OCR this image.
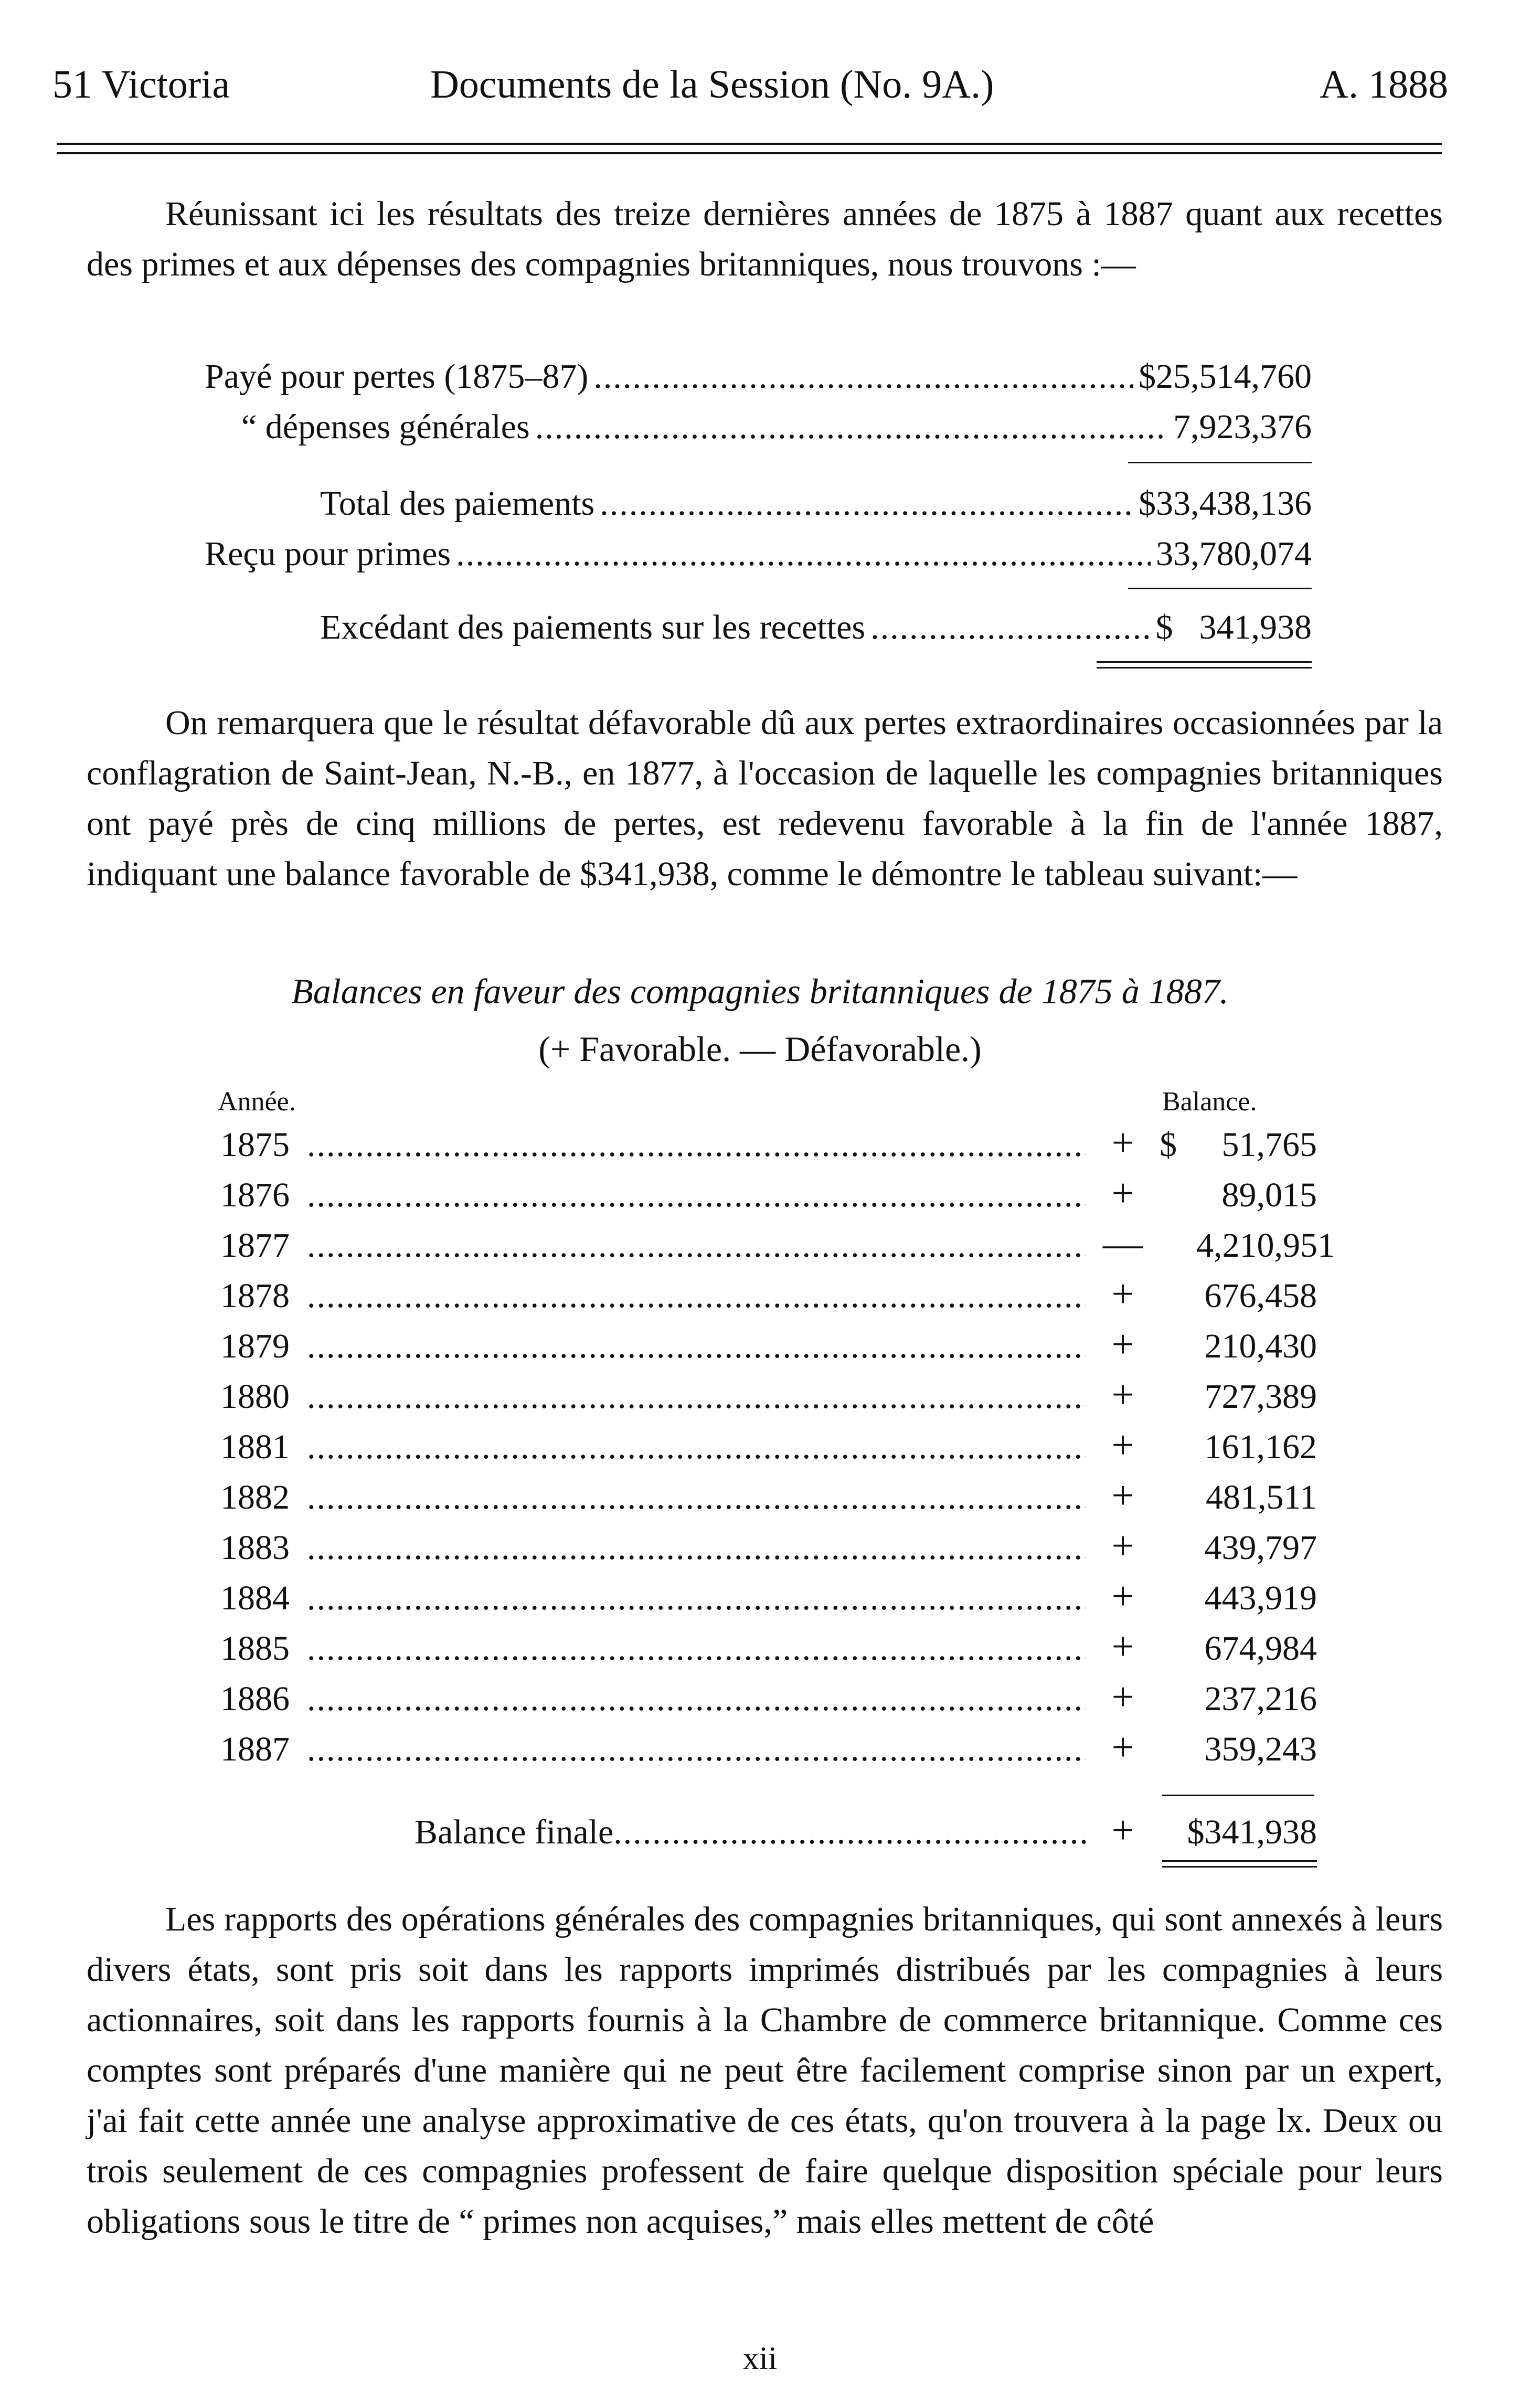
51 Victoria	Documents de la Session (No. 9A.)	A. 1888

Réunissant ici les résultats des treize dernières années de 1875 à 1887 quant aux recettes des primes et aux dépenses des compagnies britanniques, nous trouvons :—

Payé pour pertes (1875–87) .....	$25,514,760
“ dépenses générales .....	7,923,376
Total des paiements .....	$33,438,136
Reçu pour primes .....	33,780,074
Excédant des paiements sur les recettes .....	$ 341,938

On remarquera que le résultat défavorable dû aux pertes extraordinaires occasionnées par la conflagration de Saint-Jean, N.-B., en 1877, à l'occasion de laquelle les compagnies britanniques ont payé près de cinq millions de pertes, est redevenu favorable à la fin de l'année 1887, indiquant une balance favorable de $341,938, comme le démontre le tableau suivant:—

Balances en faveur des compagnies britanniques de 1875 à 1887.
(+ Favorable. — Défavorable.)
Année.	Balance.
1875 .....	+ $	51,765
1876 .....	+	89,015
1877 .....	—	4,210,951
1878 .....	+	676,458
1879 .....	+	210,430
1880 .....	+	727,389
1881 .....	+	161,162
1882 .....	+	481,511
1883 .....	+	439,797
1884 .....	+	443,919
1885 .....	+	674,984
1886 .....	+	237,216
1887 .....	+	359,243
Balance finale .....	+	$341,938

Les rapports des opérations générales des compagnies britanniques, qui sont annexés à leurs divers états, sont pris soit dans les rapports imprimés distribués par les compagnies à leurs actionnaires, soit dans les rapports fournis à la Chambre de commerce britannique. Comme ces comptes sont préparés d'une manière qui ne peut être facilement comprise sinon par un expert, j'ai fait cette année une analyse approximative de ces états, qu'on trouvera à la page lx. Deux ou trois seulement de ces compagnies professent de faire quelque disposition spéciale pour leurs obligations sous le titre de “ primes non acquises,” mais elles mettent de côté

xii
